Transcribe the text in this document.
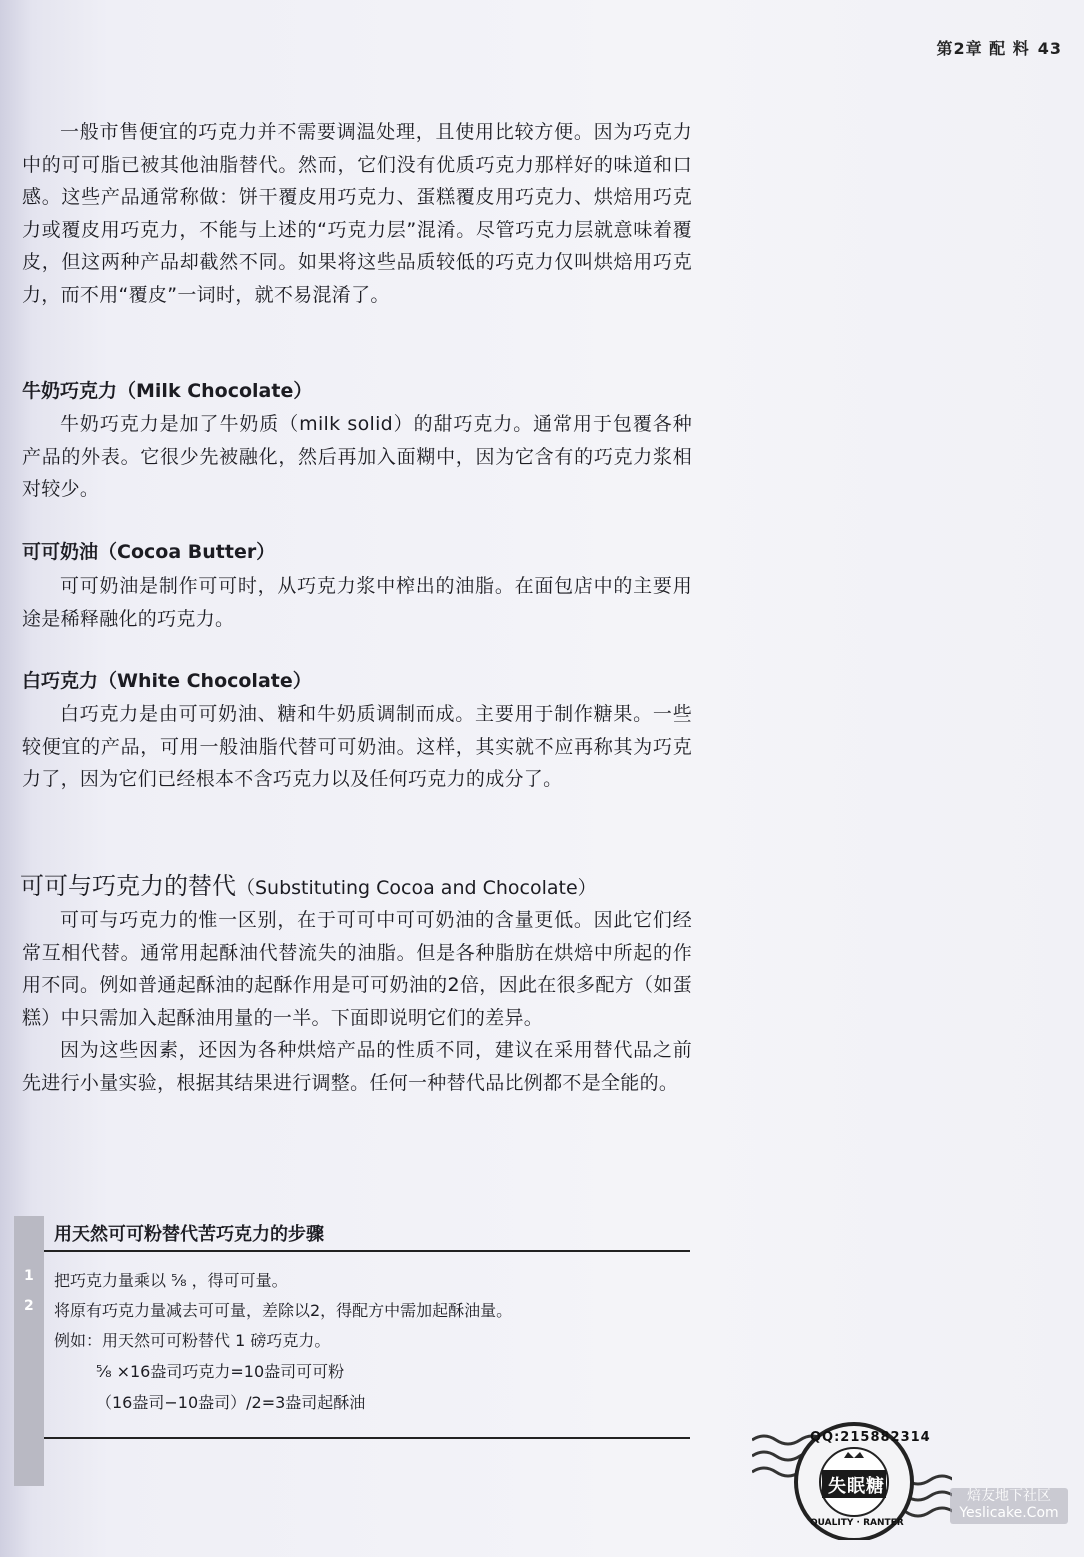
第2章 配 料 43

一般市售便宜的巧克力并不需要调温处理，且使用比较方便。因为巧克力中的可可脂已被其他油脂替代。然而，它们没有优质巧克力那样好的味道和口感。这些产品通常称做：饼干覆皮用巧克力、蛋糕覆皮用巧克力、烘焙用巧克力或覆皮用巧克力，不能与上述的“巧克力层”混淆。尽管巧克力层就意味着覆皮，但这两种产品却截然不同。如果将这些品质较低的巧克力仅叫烘焙用巧克力，而不用“覆皮”一词时，就不易混淆了。

牛奶巧克力（Milk Chocolate）

牛奶巧克力是加了牛奶质（milk solid）的甜巧克力。通常用于包覆各种产品的外表。它很少先被融化，然后再加入面糊中，因为它含有的巧克力浆相对较少。

可可奶油（Cocoa Butter）

可可奶油是制作可可时，从巧克力浆中榨出的油脂。在面包店中的主要用途是稀释融化的巧克力。

白巧克力（White Chocolate）

白巧克力是由可可奶油、糖和牛奶质调制而成。主要用于制作糖果。一些较便宜的产品，可用一般油脂代替可可奶油。这样，其实就不应再称其为巧克力了，因为它们已经根本不含巧克力以及任何巧克力的成分了。

可可与巧克力的替代（Substituting Cocoa and Chocolate）

可可与巧克力的惟一区别，在于可可中可可奶油的含量更低。因此它们经常互相代替。通常用起酥油代替流失的油脂。但是各种脂肪在烘焙中所起的作用不同。例如普通起酥油的起酥作用是可可奶油的2倍，因此在很多配方（如蛋糕）中只需加入起酥油用量的一半。下面即说明它们的差异。

因为这些因素，还因为各种烘焙产品的性质不同，建议在采用替代品之前先进行小量实验，根据其结果进行调整。任何一种替代品比例都不是全能的。

用天然可可粉替代苦巧克力的步骤
1 把巧克力量乘以 ⁵⁄₈ ，得可可量。
2 将原有巧克力量减去可可量，差除以2，得配方中需加起酥油量。
例如：用天然可可粉替代 1 磅巧克力。
⁵⁄₈ ×16盎司巧克力=10盎司可可粉
（16盎司−10盎司）/2=3盎司起酥油
QQ:215882314
失眠糖
QUALITY · RANTER
焙友地下社区
Yeslicake.Com
